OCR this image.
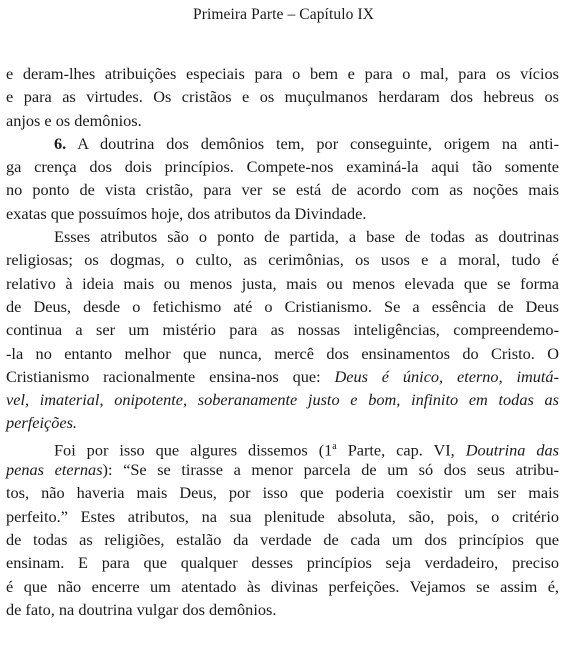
Primeira Parte – Capítulo IX
e deram-lhes atribuições especiais para o bem e para o mal, para os vícios
e para as virtudes. Os cristãos e os muçulmanos herdaram dos hebreus os
anjos e os demônios.
6. A doutrina dos demônios tem, por conseguinte, origem na anti-
ga crença dos dois princípios. Compete-nos examiná-la aqui tão somente
no ponto de vista cristão, para ver se está de acordo com as noções mais
exatas que possuímos hoje, dos atributos da Divindade.
Esses atributos são o ponto de partida, a base de todas as doutrinas
religiosas; os dogmas, o culto, as cerimônias, os usos e a moral, tudo é
relativo à ideia mais ou menos justa, mais ou menos elevada que se forma
de Deus, desde o fetichismo até o Cristianismo. Se a essência de Deus
continua a ser um mistério para as nossas inteligências, compreendemo-
-la no entanto melhor que nunca, mercê dos ensinamentos do Cristo. O
Cristianismo racionalmente ensina-nos que: Deus é único, eterno, imutá-
vel, imaterial, onipotente, soberanamente justo e bom, infinito em todas as
perfeições.
Foi por isso que algures dissemos (1$^a$ Parte, cap. VI, Doutrina das
penas eternas): “Se se tirasse a menor parcela de um só dos seus atribu-
tos, não haveria mais Deus, por isso que poderia coexistir um ser mais
perfeito.” Estes atributos, na sua plenitude absoluta, são, pois, o critério
de todas as religiões, estalão da verdade de cada um dos princípios que
ensinam. E para que qualquer desses princípios seja verdadeiro, preciso
é que não encerre um atentado às divinas perfeições. Vejamos se assim é,
de fato, na doutrina vulgar dos demônios.
